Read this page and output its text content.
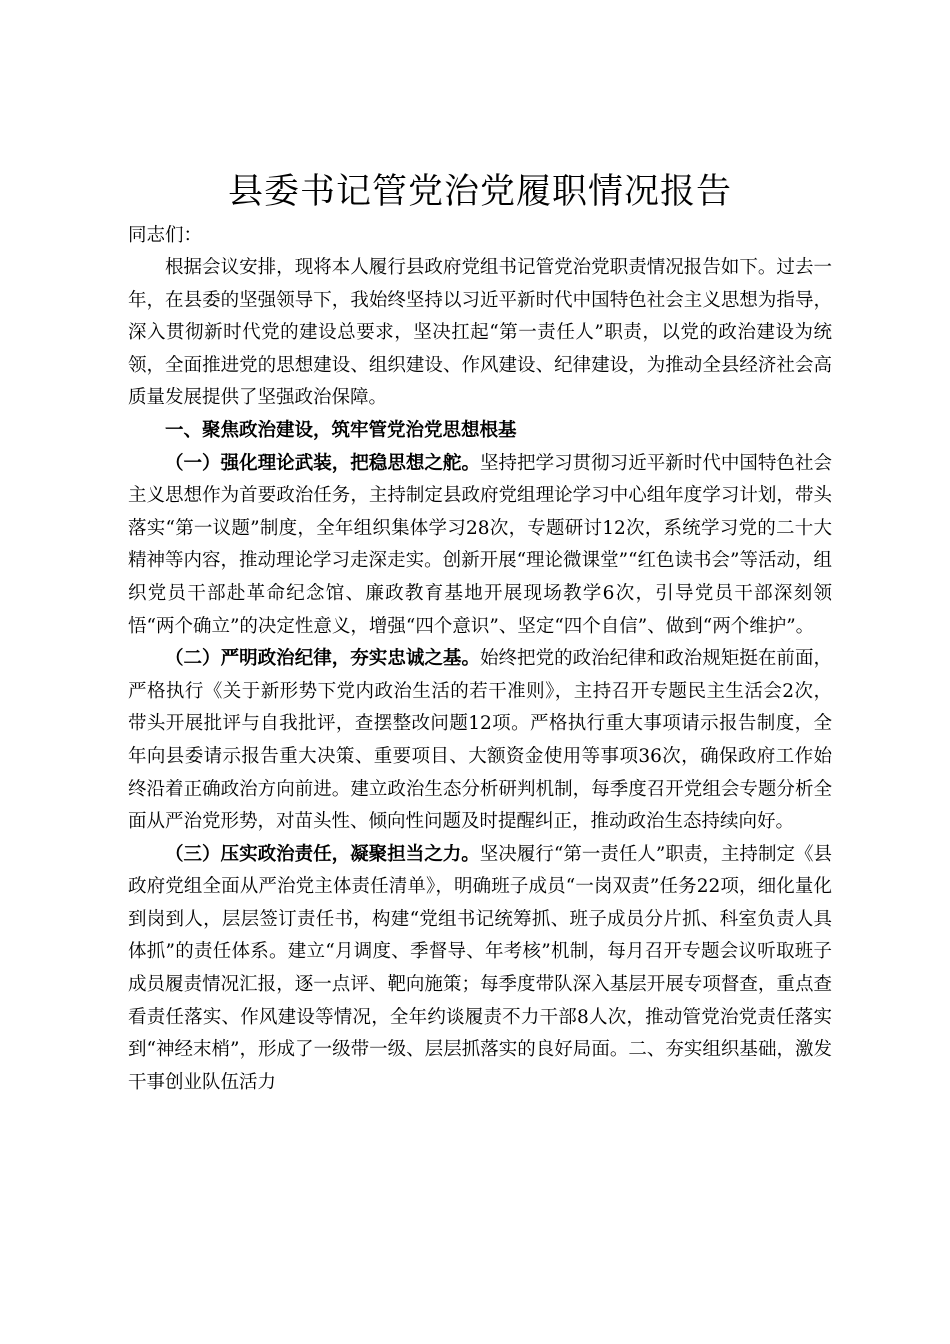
县委书记管党治党履职情况报告

同志们：

根据会议安排，现将本人履行县政府党组书记管党治党职责情况报告如下。过去一年，在县委的坚强领导下，我始终坚持以习近平新时代中国特色社会主义思想为指导，深入贯彻新时代党的建设总要求，坚决扛起“第一责任人”职责，以党的政治建设为统领，全面推进党的思想建设、组织建设、作风建设、纪律建设，为推动全县经济社会高质量发展提供了坚强政治保障。

一、聚焦政治建设，筑牢管党治党思想根基

（一）强化理论武装，把稳思想之舵。坚持把学习贯彻习近平新时代中国特色社会主义思想作为首要政治任务，主持制定县政府党组理论学习中心组年度学习计划，带头落实“第一议题”制度，全年组织集体学习28次，专题研讨12次，系统学习党的二十大精神等内容，推动理论学习走深走实。创新开展“理论微课堂”“红色读书会”等活动，组织党员干部赴革命纪念馆、廉政教育基地开展现场教学6次，引导党员干部深刻领悟“两个确立”的决定性意义，增强“四个意识”、坚定“四个自信”、做到“两个维护”。

（二）严明政治纪律，夯实忠诚之基。始终把党的政治纪律和政治规矩挺在前面，严格执行《关于新形势下党内政治生活的若干准则》，主持召开专题民主生活会2次，带头开展批评与自我批评，查摆整改问题12项。严格执行重大事项请示报告制度，全年向县委请示报告重大决策、重要项目、大额资金使用等事项36次，确保政府工作始终沿着正确政治方向前进。建立政治生态分析研判机制，每季度召开党组会专题分析全面从严治党形势，对苗头性、倾向性问题及时提醒纠正，推动政治生态持续向好。

（三）压实政治责任，凝聚担当之力。坚决履行“第一责任人”职责，主持制定《县政府党组全面从严治党主体责任清单》，明确班子成员“一岗双责”任务22项，细化量化到岗到人，层层签订责任书，构建“党组书记统筹抓、班子成员分片抓、科室负责人具体抓”的责任体系。建立“月调度、季督导、年考核”机制，每月召开专题会议听取班子成员履责情况汇报，逐一点评、靶向施策；每季度带队深入基层开展专项督查，重点查看责任落实、作风建设等情况，全年约谈履责不力干部8人次，推动管党治党责任落实到“神经末梢”，形成了一级带一级、层层抓落实的良好局面。二、夯实组织基础，激发干事创业队伍活力
